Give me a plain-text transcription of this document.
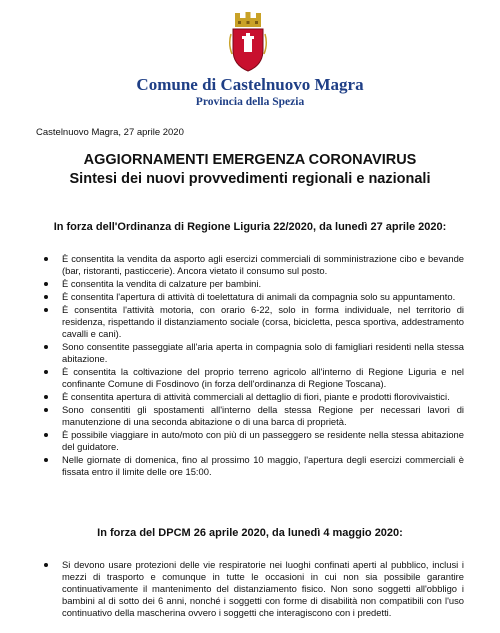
Comune di Castelnuovo Magra
Provincia della Spezia
Castelnuovo Magra, 27 aprile 2020
AGGIORNAMENTI EMERGENZA CORONAVIRUS
Sintesi dei nuovi provvedimenti regionali e nazionali
In forza dell'Ordinanza di Regione Liguria 22/2020, da lunedì 27 aprile 2020:
È consentita la vendita da asporto agli esercizi commerciali di somministrazione cibo e bevande (bar, ristoranti, pasticcerie). Ancora vietato il consumo sul posto.
È consentita la vendita di calzature per bambini.
È consentita l'apertura di attività di toelettatura di animali da compagnia solo su appuntamento.
È consentita l'attività motoria, con orario 6-22, solo in forma individuale, nel territorio di residenza, rispettando il distanziamento sociale (corsa, bicicletta, pesca sportiva, addestramento cavalli e cani).
Sono consentite passeggiate all'aria aperta in compagnia solo di famigliari residenti nella stessa abitazione.
È consentita la coltivazione del proprio terreno agricolo all'interno di Regione Liguria e nel confinante Comune di Fosdinovo (in forza dell'ordinanza di Regione Toscana).
È consentita apertura di attività commerciali al dettaglio di fiori, piante e prodotti florovivaistici.
Sono consentiti gli spostamenti all'interno della stessa Regione per necessari lavori di manutenzione di una seconda abitazione o di una barca di proprietà.
È possibile viaggiare in auto/moto con più di un passeggero se residente nella stessa abitazione del guidatore.
Nelle giornate di domenica, fino al prossimo 10 maggio, l'apertura degli esercizi commerciali è fissata entro il limite delle ore 15:00.
In forza del DPCM 26 aprile 2020, da lunedì 4 maggio 2020:
Si devono usare protezioni delle vie respiratorie nei luoghi confinati aperti al pubblico, inclusi i mezzi di trasporto e comunque in tutte le occasioni in cui non sia possibile garantire continuativamente il mantenimento del distanziamento fisico. Non sono soggetti all'obbligo i bambini al di sotto dei 6 anni, nonché i soggetti con forme di disabilità non compatibili con l'uso continuativo della mascherina ovvero i soggetti che interagiscono con i predetti.
